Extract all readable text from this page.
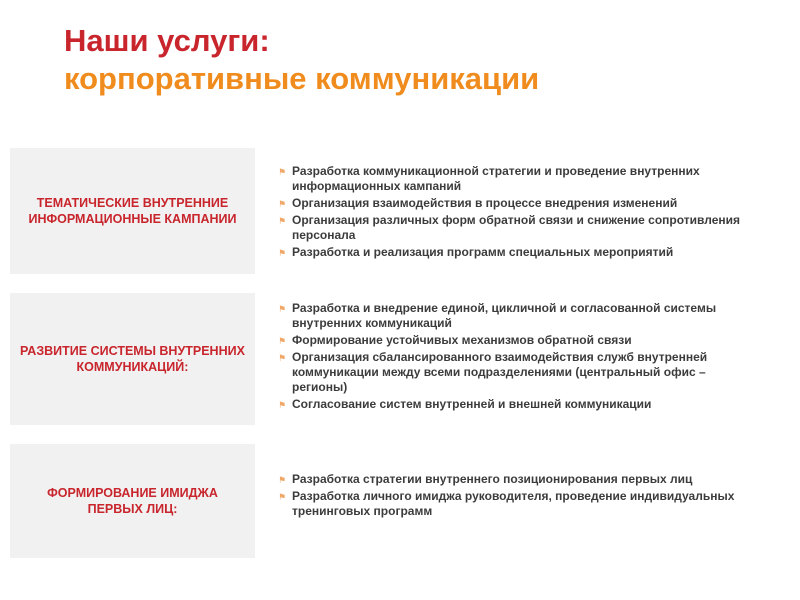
Наши услуги:
корпоративные коммуникации
ТЕМАТИЧЕСКИЕ ВНУТРЕННИЕ ИНФОРМАЦИОННЫЕ КАМПАНИИ
⚑ Разработка коммуникационной стратегии и проведение внутренних информационных кампаний
⚑ Организация взаимодействия в процессе внедрения изменений
⚑ Организация различных форм обратной связи и снижение сопротивления персонала
⚑ Разработка и реализация программ специальных мероприятий
РАЗВИТИЕ СИСТЕМЫ ВНУТРЕННИХ КОММУНИКАЦИЙ:
⚑ Разработка и внедрение единой, цикличной и согласованной системы внутренних коммуникаций
⚑ Формирование устойчивых механизмов обратной связи
⚑ Организация сбалансированного взаимодействия служб внутренней коммуникации между всеми подразделениями (центральный офис – регионы)
⚑ Согласование систем внутренней и внешней коммуникации
ФОРМИРОВАНИЕ ИМИДЖА ПЕРВЫХ ЛИЦ:
⚑ Разработка стратегии внутреннего позиционирования первых лиц
⚑ Разработка личного имиджа руководителя, проведение индивидуальных тренинговых программ
